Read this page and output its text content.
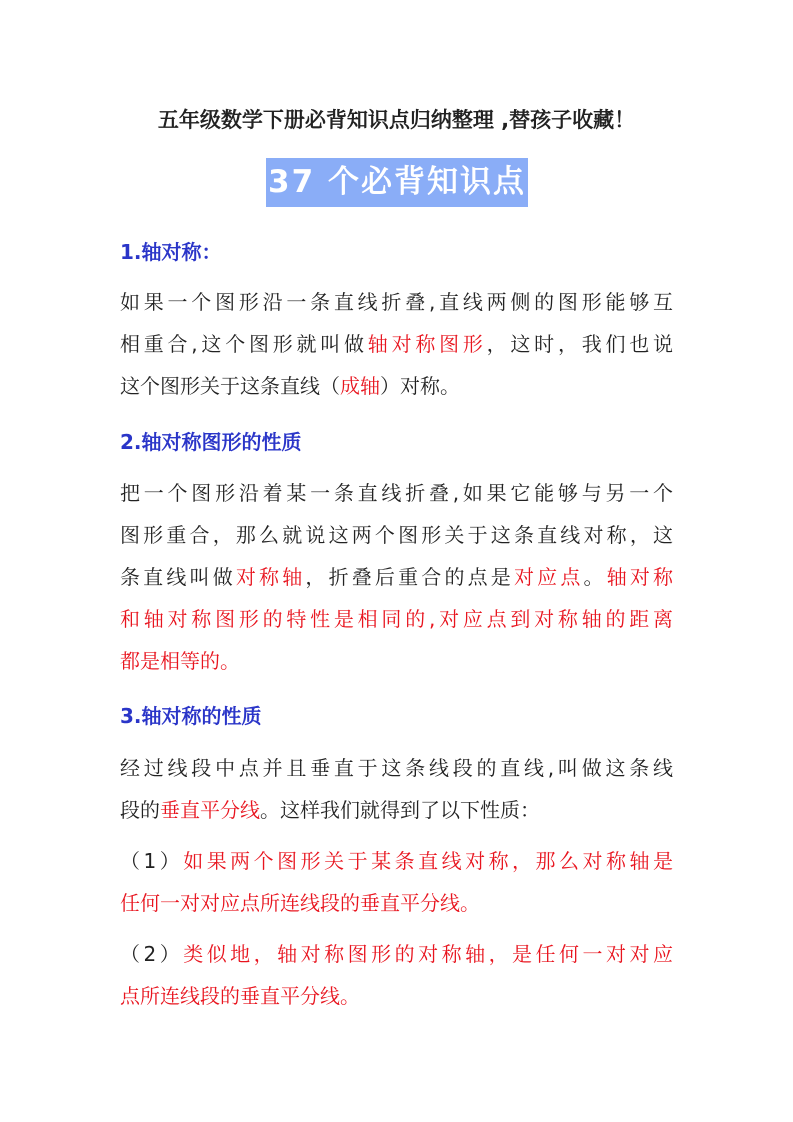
五年级数学下册必背知识点归纳整理 ,替孩子收藏！
37 个必背知识点
1.轴对称：
如果一个图形沿一条直线折叠,直线两侧的图形能够互
相重合,这个图形就叫做轴对称图形，这时，我们也说
这个图形关于这条直线（成轴）对称。
2.轴对称图形的性质
把一个图形沿着某一条直线折叠,如果它能够与另一个
图形重合，那么就说这两个图形关于这条直线对称，这
条直线叫做对称轴，折叠后重合的点是对应点。轴对称
和轴对称图形的特性是相同的,对应点到对称轴的距离
都是相等的。
3.轴对称的性质
经过线段中点并且垂直于这条线段的直线,叫做这条线
段的垂直平分线。这样我们就得到了以下性质：
（1）如果两个图形关于某条直线对称，那么对称轴是
任何一对对应点所连线段的垂直平分线。
（2）类似地，轴对称图形的对称轴，是任何一对对应
点所连线段的垂直平分线。
